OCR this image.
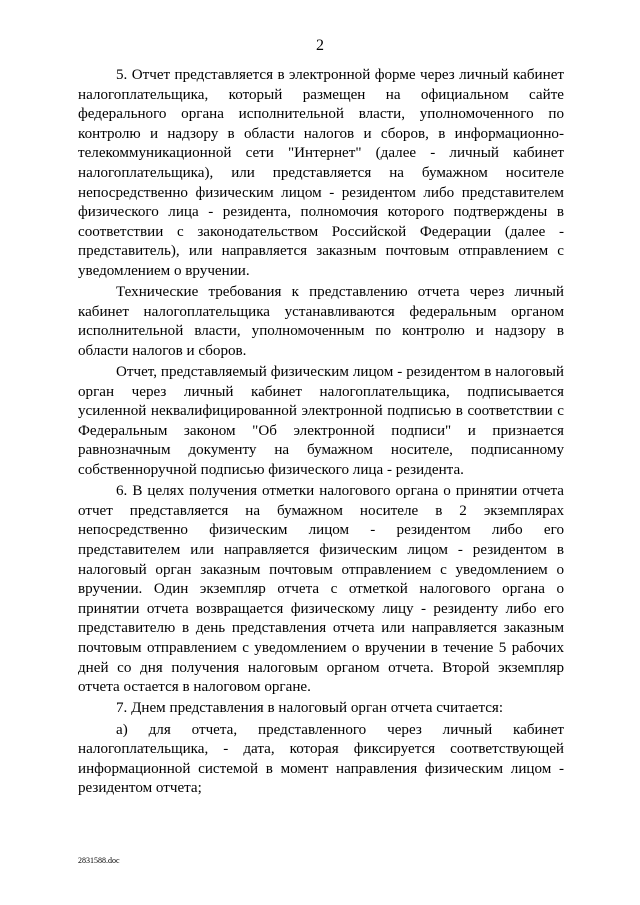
2

5. Отчет представляется в электронной форме через личный кабинет налогоплательщика, который размещен на официальном сайте федерального органа исполнительной власти, уполномоченного по контролю и надзору в области налогов и сборов, в информационно-телекоммуникационной сети "Интернет" (далее - личный кабинет налогоплательщика), или представляется на бумажном носителе непосредственно физическим лицом - резидентом либо представителем физического лица - резидента, полномочия которого подтверждены в соответствии с законодательством Российской Федерации (далее - представитель), или направляется заказным почтовым отправлением с уведомлением о вручении.

Технические требования к представлению отчета через личный кабинет налогоплательщика устанавливаются федеральным органом исполнительной власти, уполномоченным по контролю и надзору в области налогов и сборов.

Отчет, представляемый физическим лицом - резидентом в налоговый орган через личный кабинет налогоплательщика, подписывается усиленной неквалифицированной электронной подписью в соответствии с Федеральным законом "Об электронной подписи" и признается равнозначным документу на бумажном носителе, подписанному собственноручной подписью физического лица - резидента.

6. В целях получения отметки налогового органа о принятии отчета отчет представляется на бумажном носителе в 2 экземплярах непосредственно физическим лицом - резидентом либо его представителем или направляется физическим лицом - резидентом в налоговый орган заказным почтовым отправлением с уведомлением о вручении. Один экземпляр отчета с отметкой налогового органа о принятии отчета возвращается физическому лицу - резиденту либо его представителю в день представления отчета или направляется заказным почтовым отправлением с уведомлением о вручении в течение 5 рабочих дней со дня получения налоговым органом отчета. Второй экземпляр отчета остается в налоговом органе.

7. Днем представления в налоговый орган отчета считается:

а) для отчета, представленного через личный кабинет налогоплательщика, - дата, которая фиксируется соответствующей информационной системой в момент направления физическим лицом - резидентом отчета;

2831588.doc
